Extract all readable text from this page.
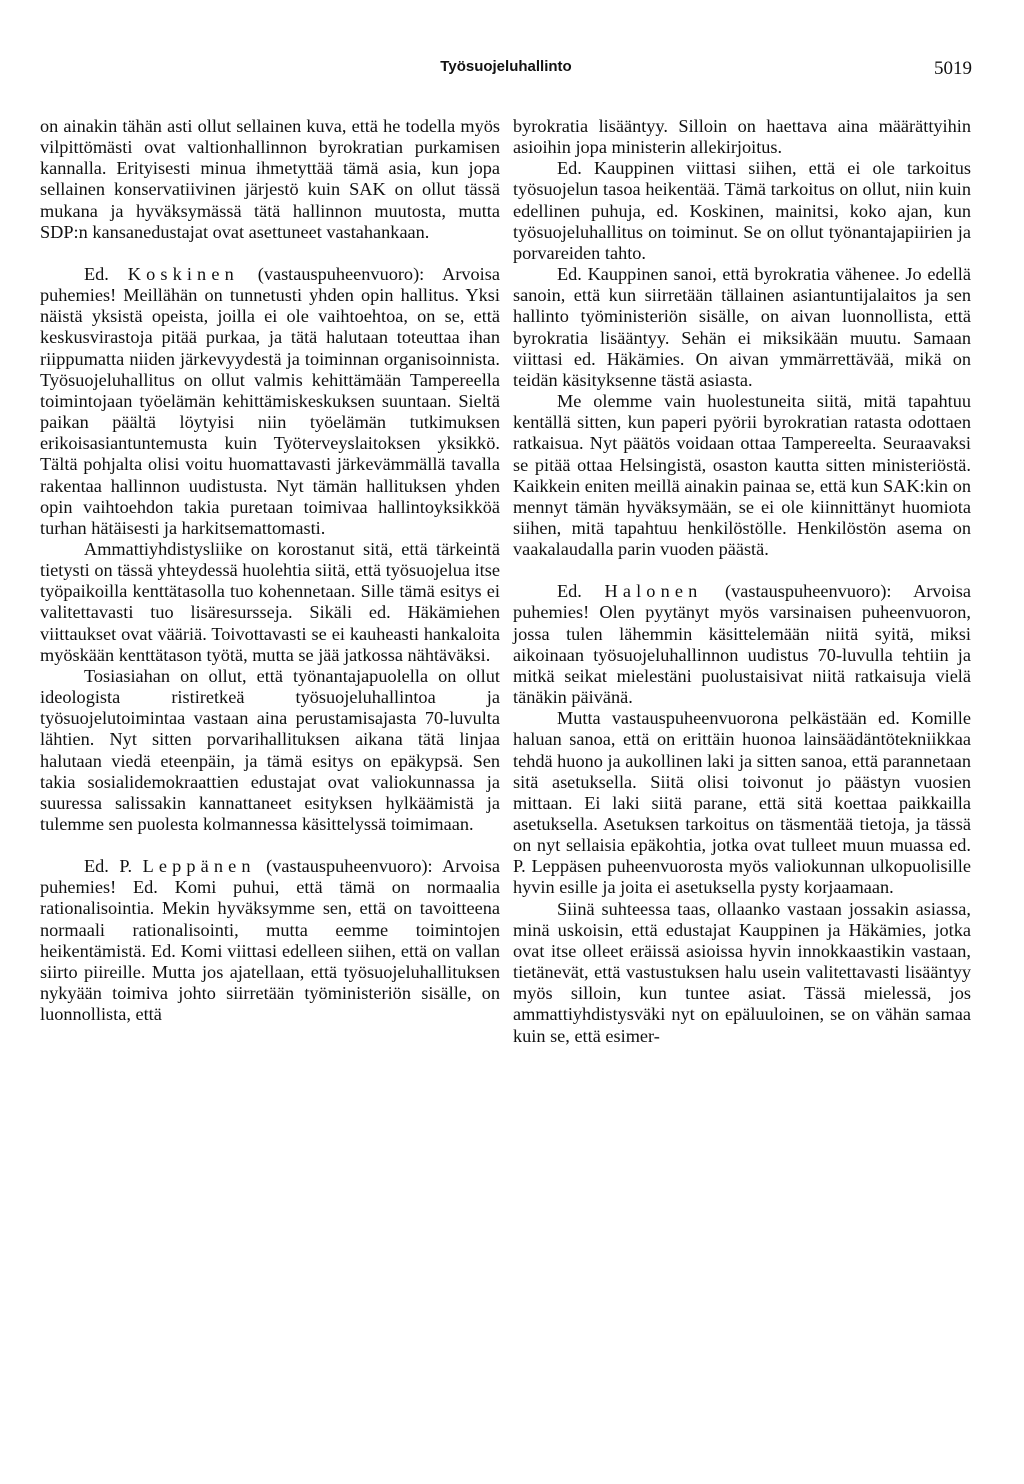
Työsuojeluhallinto	5019

on ainakin tähän asti ollut sellainen kuva, että he todella myös vilpittömästi ovat valtionhallinnon byrokratian purkamisen kannalla. Erityisesti minua ihmetyttää tämä asia, kun jopa sellainen konservatiivinen järjestö kuin SAK on ollut tässä mukana ja hyväksymässä tätä hallinnon muutosta, mutta SDP:n kansanedustajat ovat asettuneet vastahankaan.

Ed. Koskinen (vastauspuheenvuoro): Arvoisa puhemies! Meillähän on tunnetusti yhden opin hallitus. Yksi näistä yksistä opeista, joilla ei ole vaihtoehtoa, on se, että keskusvirastoja pitää purkaa, ja tätä halutaan toteuttaa ihan riippumatta niiden järkevyydestä ja toiminnan organisoinnista. Työsuojeluhallitus on ollut valmis kehittämään Tampereella toimintojaan työelämän kehittämiskeskuksen suuntaan. Sieltä paikan päältä löytyisi niin työelämän tutkimuksen erikoisasiantuntemusta kuin Työterveyslaitoksen yksikkö. Tältä pohjalta olisi voitu huomattavasti järkevämmällä tavalla rakentaa hallinnon uudistusta. Nyt tämän hallituksen yhden opin vaihtoehdon takia puretaan toimivaa hallintoyksikköä turhan hätäisesti ja harkitsemattomasti.

Ammattiyhdistysliike on korostanut sitä, että tärkeintä tietysti on tässä yhteydessä huolehtia siitä, että työsuojelua itse työpaikoilla kenttätasolla tuo kohennetaan. Sille tämä esitys ei valitettavasti tuo lisäresursseja. Sikäli ed. Häkämiehen viittaukset ovat vääriä. Toivottavasti se ei kauheasti hankaloita myöskään kenttätason työtä, mutta se jää jatkossa nähtäväksi.

Tosiasiahan on ollut, että työnantajapuolella on ollut ideologista ristiretkeä työsuojeluhallintoa ja työsuojelutoimintaa vastaan aina perustamisajasta 70-luvulta lähtien. Nyt sitten porvarihallituksen aikana tätä linjaa halutaan viedä eteenpäin, ja tämä esitys on epäkypsä. Sen takia sosialidemokraattien edustajat ovat valiokunnassa ja suuressa salissakin kannattaneet esityksen hylkäämistä ja tulemme sen puolesta kolmannessa käsittelyssä toimimaan.

Ed. P. Leppänen (vastauspuheenvuoro): Arvoisa puhemies! Ed. Komi puhui, että tämä on normaalia rationalisointia. Mekin hyväksymme sen, että on tavoitteena normaali rationalisointi, mutta eemme toimintojen heikentämistä. Ed. Komi viittasi edelleen siihen, että on vallan siirto piireille. Mutta jos ajatellaan, että työsuojeluhallituksen nykyään toimiva johto siirretään työministeriön sisälle, on luonnollista, että

byrokratia lisääntyy. Silloin on haettava aina määrättyihin asioihin jopa ministerin allekirjoitus.

Ed. Kauppinen viittasi siihen, että ei ole tarkoitus työsuojelun tasoa heikentää. Tämä tarkoitus on ollut, niin kuin edellinen puhuja, ed. Koskinen, mainitsi, koko ajan, kun työsuojeluhallitus on toiminut. Se on ollut työnantajapiirien ja porvareiden tahto.

Ed. Kauppinen sanoi, että byrokratia vähenee. Jo edellä sanoin, että kun siirretään tällainen asiantuntijalaitos ja sen hallinto työministeriön sisälle, on aivan luonnollista, että byrokratia lisääntyy. Sehän ei miksikään muutu. Samaan viittasi ed. Häkämies. On aivan ymmärrettävää, mikä on teidän käsityksenne tästä asiasta.

Me olemme vain huolestuneita siitä, mitä tapahtuu kentällä sitten, kun paperi pyörii byrokratian ratasta odottaen ratkaisua. Nyt päätös voidaan ottaa Tampereelta. Seuraavaksi se pitää ottaa Helsingistä, osaston kautta sitten ministeriöstä. Kaikkein eniten meillä ainakin painaa se, että kun SAK:kin on mennyt tämän hyväksymään, se ei ole kiinnittänyt huomiota siihen, mitä tapahtuu henkilöstölle. Henkilöstön asema on vaakalaudalla parin vuoden päästä.

Ed. Halonen (vastauspuheenvuoro): Arvoisa puhemies! Olen pyytänyt myös varsinaisen puheenvuoron, jossa tulen lähemmin käsittelemään niitä syitä, miksi aikoinaan työsuojeluhallinnon uudistus 70-luvulla tehtiin ja mitkä seikat mielestäni puolustaisivat niitä ratkaisuja vielä tänäkin päivänä.

Mutta vastauspuheenvuorona pelkästään ed. Komille haluan sanoa, että on erittäin huonoa lainsäädäntötekniikkaa tehdä huono ja aukollinen laki ja sitten sanoa, että parannetaan sitä asetuksella. Siitä olisi toivonut jo päästyn vuosien mittaan. Ei laki siitä parane, että sitä koettaa paikkailla asetuksella. Asetuksen tarkoitus on täsmentää tietoja, ja tässä on nyt sellaisia epäkohtia, jotka ovat tulleet muun muassa ed. P. Leppäsen puheenvuorosta myös valiokunnan ulkopuolisille hyvin esille ja joita ei asetuksella pysty korjaamaan.

Siinä suhteessa taas, ollaanko vastaan jossakin asiassa, minä uskoisin, että edustajat Kauppinen ja Häkämies, jotka ovat itse olleet eräissä asioissa hyvin innokkaastikin vastaan, tietänevät, että vastustuksen halu usein valitettavasti lisääntyy myös silloin, kun tuntee asiat. Tässä mielessä, jos ammattiyhdistysväki nyt on epäluuloinen, se on vähän samaa kuin se, että esimer-
